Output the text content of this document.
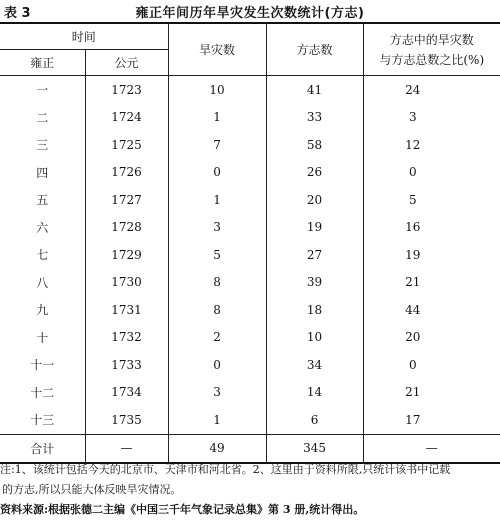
表 3	雍正年间历年旱灾发生次数统计(方志)
时间		旱灾数	方志数	方志中的旱灾数
与方志总数之比(%)

雍正	公元			
一	1723	10	41	24
二	1724	1	33	3
三	1725	7	58	12
四	1726	0	26	0
五	1727	1	20	5
六	1728	3	19	16
七	1729	5	27	19
八	1730	8	39	21
九	1731	8	18	44
十	1732	2	10	20
十一	1733	0	34	0
十二	1734	3	14	21
十三	1735	1	6	17
合计	—	49	345	—
注:1、该统计包括今天的北京市、天津市和河北省。2、这里由于资料所限,只统计该书中记载
的方志,所以只能大体反映旱灾情况。
资料来源:根据张德二主编《中国三千年气象记录总集》第 3 册,统计得出。
